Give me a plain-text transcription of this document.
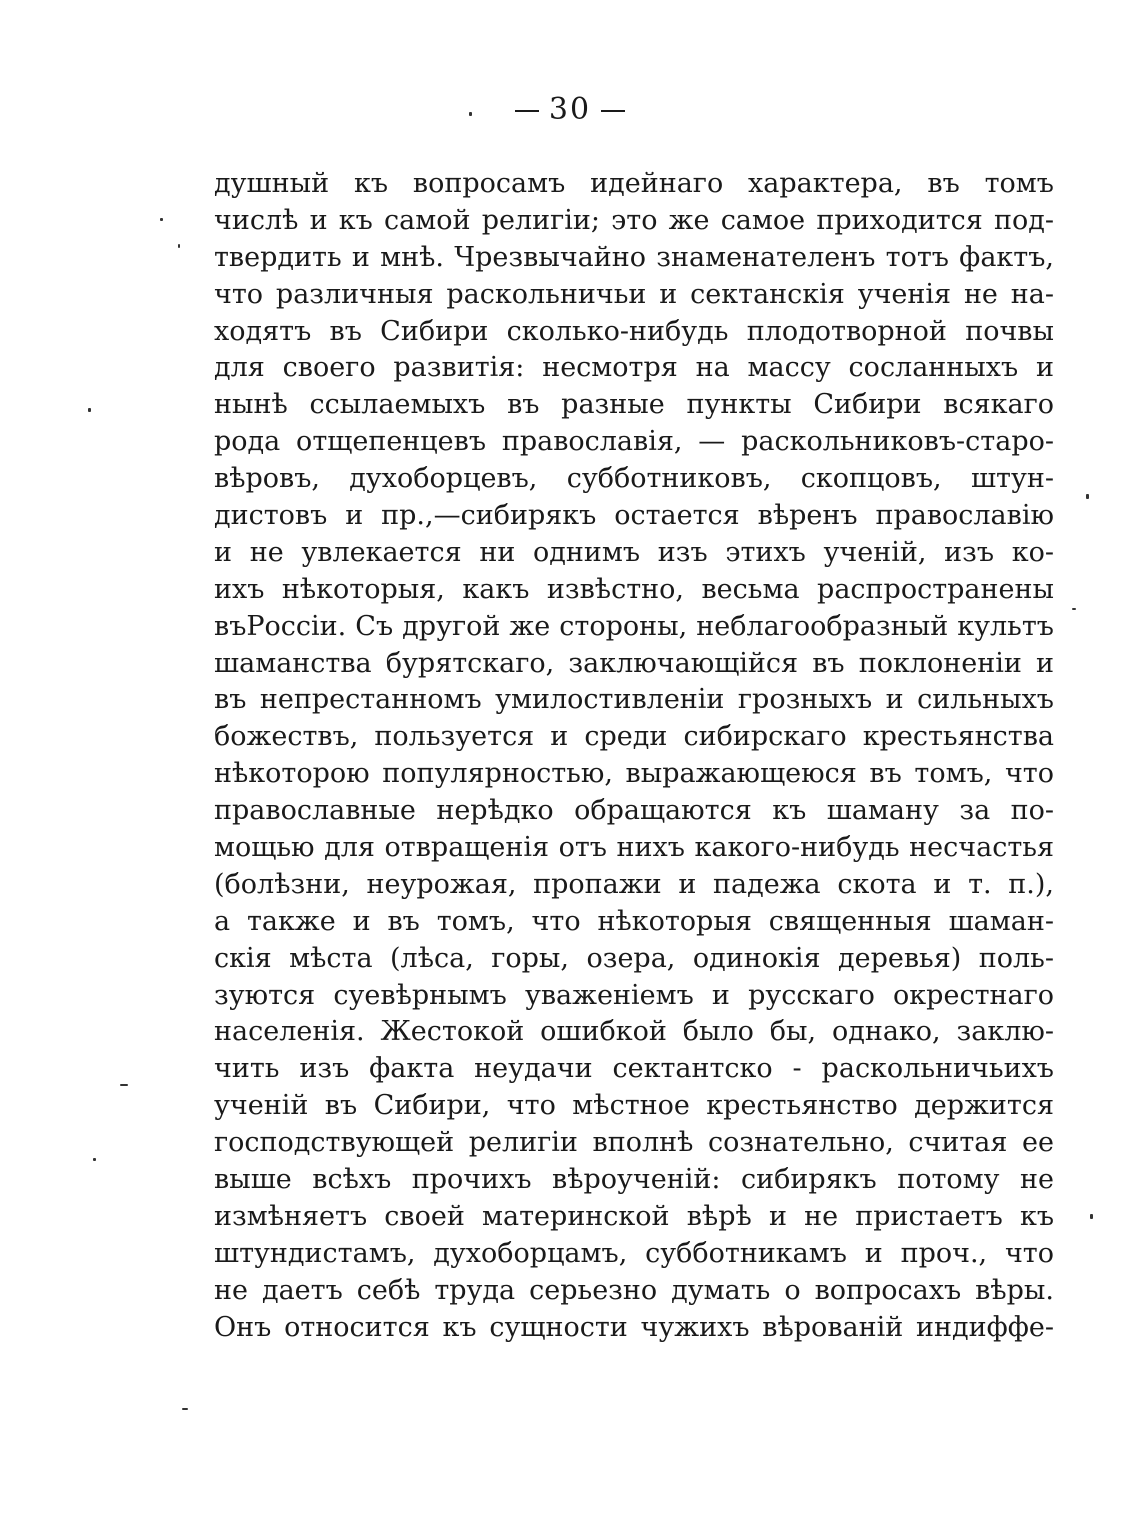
30
душный къ вопросамъ идейнаго характера, въ томъ
числѣ и къ самой религіи; это же самое приходится под-
твердить и мнѣ. Чрезвычайно знаменателенъ тотъ фактъ,
что различныя раскольничьи и сектанскія ученія не на-
ходятъ въ Сибири сколько-нибудь плодотворной почвы
для своего развитія: несмотря на массу сосланныхъ и
нынѣ ссылаемыхъ въ разные пункты Сибири всякаго
рода отщепенцевъ православія, — раскольниковъ-старо-
вѣровъ, духоборцевъ, субботниковъ, скопцовъ, штун-
дистовъ и пр.,—сибирякъ остается вѣренъ православію
и не увлекается ни однимъ изъ этихъ ученій, изъ ко-
ихъ нѣкоторыя, какъ извѣстно, весьма распространены
въРоссіи. Съ другой же стороны, неблагообразный культъ
шаманства бурятскаго, заключающійся въ поклоненіи и
въ непрестанномъ умилостивленіи грозныхъ и сильныхъ
божествъ, пользуется и среди сибирскаго крестьянства
нѣкоторою популярностью, выражающеюся въ томъ, что
православные нерѣдко обращаются къ шаману за по-
мощью для отвращенія отъ нихъ какого-нибудь несчастья
(болѣзни, неурожая, пропажи и падежа скота и т. п.),
а также и въ томъ, что нѣкоторыя священныя шаман-
скія мѣста (лѣса, горы, озера, одинокія деревья) поль-
зуются суевѣрнымъ уваженіемъ и русскаго окрестнаго
населенія. Жестокой ошибкой было бы, однако, заклю-
чить изъ факта неудачи сектантско - раскольничьихъ
ученій въ Сибири, что мѣстное крестьянство держится
господствующей религіи вполнѣ сознательно, считая ее
выше всѣхъ прочихъ вѣроученій: сибирякъ потому не
измѣняетъ своей материнской вѣрѣ и не пристаетъ къ
штундистамъ, духоборцамъ, субботникамъ и проч., что
не даетъ себѣ труда серьезно думать о вопросахъ вѣры.
Онъ относится къ сущности чужихъ вѣрованій индиффе-
